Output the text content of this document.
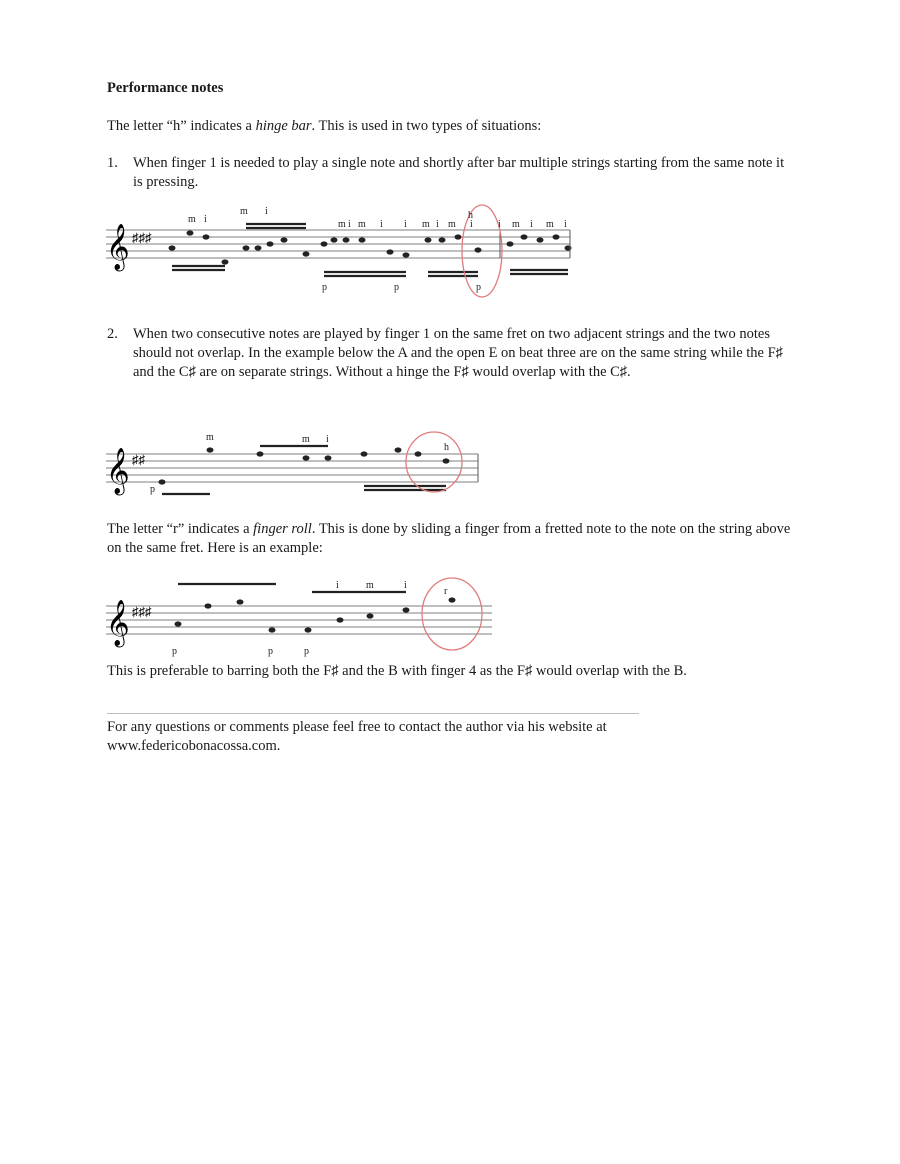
Performance notes
The letter “h” indicates a hinge bar. This is used in two types of situations:
1. When finger 1 is needed to play a single note and shortly after bar multiple strings starting from the same note it is pressing.
𝄞 ♯♯♯
m i
m i
m i m i i m i m
h
i	i m i m i
p	p	p
2. When two consecutive notes are played by finger 1 on the same fret on two adjacent strings and the two notes should not overlap. In the example below the A and the open E on beat three are on the same string while the F♯ and the C♯ are on separate strings. Without a hinge the F♯ would overlap with the C♯.
𝄞 ♯♯
m	m i
h
p
The letter “r” indicates a finger roll. This is done by sliding a finger from a fretted note to the note on the string above on the same fret. Here is an example:
𝄞 ♯♯♯
i	m	i
r
p	p	p
This is preferable to barring both the F♯ and the B with finger 4 as the F♯ would overlap with the B.
For any questions or comments please feel free to contact the author via his website at www.federicobonacossa.com.
